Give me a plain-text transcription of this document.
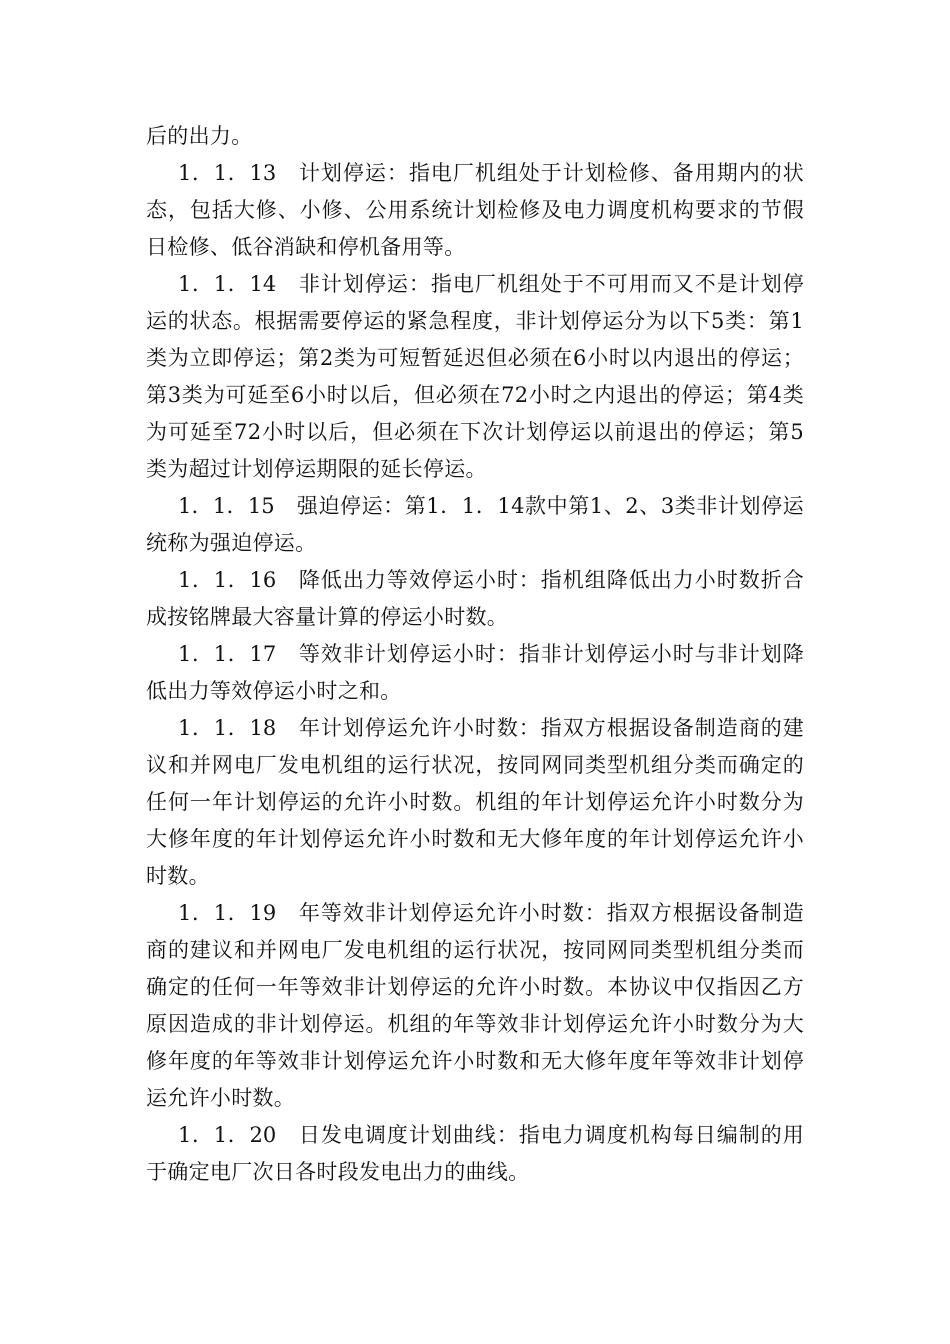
后的出力。

1．1．13 计划停运：指电厂机组处于计划检修、备用期内的状态，包括大修、小修、公用系统计划检修及电力调度机构要求的节假日检修、低谷消缺和停机备用等。

1．1．14 非计划停运：指电厂机组处于不可用而又不是计划停运的状态。根据需要停运的紧急程度，非计划停运分为以下5类：第1类为立即停运；第2类为可短暂延迟但必须在6小时以内退出的停运；第3类为可延至6小时以后，但必须在72小时之内退出的停运；第4类为可延至72小时以后，但必须在下次计划停运以前退出的停运；第5类为超过计划停运期限的延长停运。

1．1．15 强迫停运：第1．1．14款中第1、2、3类非计划停运统称为强迫停运。

1．1．16 降低出力等效停运小时：指机组降低出力小时数折合成按铭牌最大容量计算的停运小时数。

1．1．17 等效非计划停运小时：指非计划停运小时与非计划降低出力等效停运小时之和。

1．1．18 年计划停运允许小时数：指双方根据设备制造商的建议和并网电厂发电机组的运行状况，按同网同类型机组分类而确定的任何一年计划停运的允许小时数。机组的年计划停运允许小时数分为大修年度的年计划停运允许小时数和无大修年度的年计划停运允许小时数。

1．1．19 年等效非计划停运允许小时数：指双方根据设备制造商的建议和并网电厂发电机组的运行状况，按同网同类型机组分类而确定的任何一年等效非计划停运的允许小时数。本协议中仅指因乙方原因造成的非计划停运。机组的年等效非计划停运允许小时数分为大修年度的年等效非计划停运允许小时数和无大修年度年等效非计划停运允许小时数。

1．1．20 日发电调度计划曲线：指电力调度机构每日编制的用于确定电厂次日各时段发电出力的曲线。
